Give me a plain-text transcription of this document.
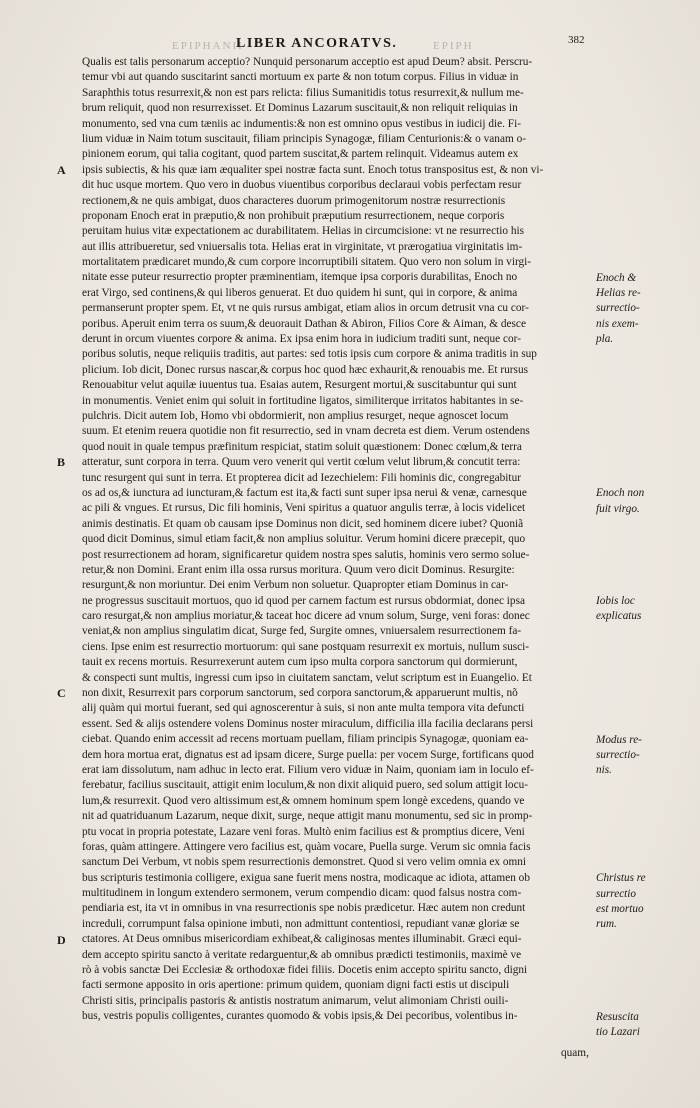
EPIPHANII
LIBER ANCORATVS.	EPIPH	382
A
B
C
D
Qualis est talis personarum acceptio? Nunquid personarum acceptio est apud Deum? absit. Perscru-
temur vbi aut quando suscitarint sancti mortuum ex parte & non totum corpus. Filius in viduæ in
Saraphthis totus resurrexit,& non est pars relicta: filius Sumanitidis totus resurrexit,& nullum me-
brum reliquit, quod non resurrexisset. Et Dominus Lazarum suscitauit,& non reliquit reliquias in
monumento, sed vna cum tæniis ac indumentis:& non est omnino opus vestibus in iudicij die. Fi-
lium viduæ in Naim totum suscitauit, filiam principis Synagogæ, filiam Centurionis:& o vanam o-
pinionem eorum, qui talia cogitant, quod partem suscitat,& partem relinquit. Videamus autem ex
ipsis subiectis, & his quæ iam æqualiter spei nostræ facta sunt. Enoch totus transpositus est, & non vi-
dit huc usque mortem. Quo vero in duobus viuentibus corporibus declaraui vobis perfectam resur
rectionem,& ne quis ambigat, duos characteres duorum primogenitorum nostræ resurrectionis
proponam Enoch erat in præputio,& non prohibuit præputium resurrectionem, neque corporis
peruitam huius vitæ expectationem ac durabilitatem. Helias in circumcisione: vt ne resurrectio his
aut illis attribueretur, sed vniuersalis tota. Helias erat in virginitate, vt prærogatiua virginitatis im-
mortalitatem prædicaret mundo,& cum corpore incorruptibili sitatem. Quo vero non solum in virgi-
nitate esse puteur resurrectio propter præminentiam, itemque ipsa corporis durabilitas, Enoch no
erat Virgo, sed continens,& qui liberos genuerat. Et duo quidem hi sunt, qui in corpore, & anima
permanserunt propter spem. Et, vt ne quis rursus ambigat, etiam alios in orcum detrusit vna cu cor-
poribus. Aperuit enim terra os suum,& deuorauit Dathan & Abiron, Filios Core & Aiman, & desce
derunt in orcum viuentes corpore & anima. Ex ipsa enim hora in iudicium traditi sunt, neque cor-
poribus solutis, neque reliquiis traditis, aut partes: sed totis ipsis cum corpore & anima traditis in sup
plicium. Iob dicit, Donec rursus nascar,& corpus hoc quod hæc exhaurit,& renouabis me. Et rursus
Renouabitur velut aquilæ iuuentus tua. Esaias autem, Resurgent mortui,& suscitabuntur qui sunt
in monumentis. Veniet enim qui soluit in fortitudine ligatos, similiterque irritatos habitantes in se-
pulchris. Dicit autem Iob, Homo vbi obdormierit, non amplius resurget, neque agnoscet locum
suum. Et etenim reuera quotidie non fit resurrectio, sed in vnam decreta est diem. Verum ostendens
quod nouit in quale tempus præfinitum respiciat, statim soluit quæstionem: Donec cœlum,& terra
atteratur, sunt corpora in terra. Quum vero venerit qui vertit cœlum velut librum,& concutit terra:
tunc resurgent qui sunt in terra. Et propterea dicit ad Iezechielem: Fili hominis dic, congregabitur
os ad os,& iunctura ad iuncturam,& factum est ita,& facti sunt super ipsa nerui & venæ, carnesque
ac pili & vngues. Et rursus, Dic fili hominis, Veni spiritus a quatuor angulis terræ, à locis videlicet
animis destinatis. Et quam ob causam ipse Dominus non dicit, sed hominem dicere iubet? Quoniã
quod dicit Dominus, simul etiam facit,& non amplius soluitur. Verum homini dicere præcepit, quo
post resurrectionem ad horam, significaretur quidem nostra spes salutis, hominis vero sermo solue-
retur,& non Domini. Erant enim illa ossa rursus moritura. Quum vero dicit Dominus. Resurgite:
resurgunt,& non moriuntur. Dei enim Verbum non soluetur. Quapropter etiam Dominus in car-
ne progressus suscitauit mortuos, quo id quod per carnem factum est rursus obdormiat, donec ipsa
caro resurgat,& non amplius moriatur,& taceat hoc dicere ad vnum solum, Surge, veni foras: donec
veniat,& non amplius singulatim dicat, Surge fed, Surgite omnes, vniuersalem resurrectionem fa-
ciens. Ipse enim est resurrectio mortuorum: qui sane postquam resurrexit ex mortuis, nullum susci-
tauit ex recens mortuis. Resurrexerunt autem cum ipso multa corpora sanctorum qui dormierunt,
& conspecti sunt multis, ingressi cum ipso in ciuitatem sanctam, velut scriptum est in Euangelio. Et
non dixit, Resurrexit pars corporum sanctorum, sed corpora sanctorum,& apparuerunt multis, nõ
alij quàm qui mortui fuerant, sed qui agnoscerentur à suis, si non ante multa tempora vita defuncti
essent. Sed & alijs ostendere volens Dominus noster miraculum, difficilia illa facilia declarans persi
ciebat. Quando enim accessit ad recens mortuam puellam, filiam principis Synagogæ, quoniam ea-
dem hora mortua erat, dignatus est ad ipsam dicere, Surge puella: per vocem Surge, fortificans quod
erat iam dissolutum, nam adhuc in lecto erat. Filium vero viduæ in Naim, quoniam iam in loculo ef-
ferebatur, facilius suscitauit, attigit enim loculum,& non dixit aliquid puero, sed solum attigit locu-
lum,& resurrexit. Quod vero altissimum est,& omnem hominum spem longè excedens, quando ve
nit ad quatriduanum Lazarum, neque dixit, surge, neque attigit manu monumentu, sed sic in promp-
ptu vocat in propria potestate, Lazare veni foras. Multò enim facilius est & promptius dicere, Veni
foras, quàm attingere. Attingere vero facilius est, quàm vocare, Puella surge. Verum sic omnia facis
sanctum Dei Verbum, vt nobis spem resurrectionis demonstret. Quod si vero velim omnia ex omni
bus scripturis testimonia colligere, exigua sane fuerit mens nostra, modicaque ac idiota, attamen ob
multitudinem in longum extendero sermonem, verum compendio dicam: quod falsus nostra com-
pendiaria est, ita vt in omnibus in vna resurrectionis spe nobis prædicetur. Hæc autem non credunt
increduli, corrumpunt falsa opinione imbuti, non admittunt contentiosi, repudiant vanæ gloriæ se
ctatores. At Deus omnibus misericordiam exhibeat,& caliginosas mentes illuminabit. Græci equi-
dem accepto spiritu sancto à veritate redarguentur,& ab omnibus prædicti testimoniis, maximè ve
rò à vobis sanctæ Dei Ecclesiæ & orthodoxæ fidei filiis. Docetis enim accepto spiritu sancto, digni
facti sermone apposito in oris apertione: primum quidem, quoniam digni facti estis ut discipuli
Christi sitis, principalis pastoris & antistis nostratum animarum, velut alimoniam Christi ouili-
bus, vestris populis colligentes, curantes quomodo & vobis ipsis,& Dei pecoribus, volentibus in-
Enoch &
Helias re-
surrectio-
nis exem-
pla.
Enoch non
fuit virgo.
Iobis loc
explicatus
Modus re-
surrectio-
nis.
Christus re
surrectio
est mortuo
rum.
Resuscita
tio Lazari
quam,
